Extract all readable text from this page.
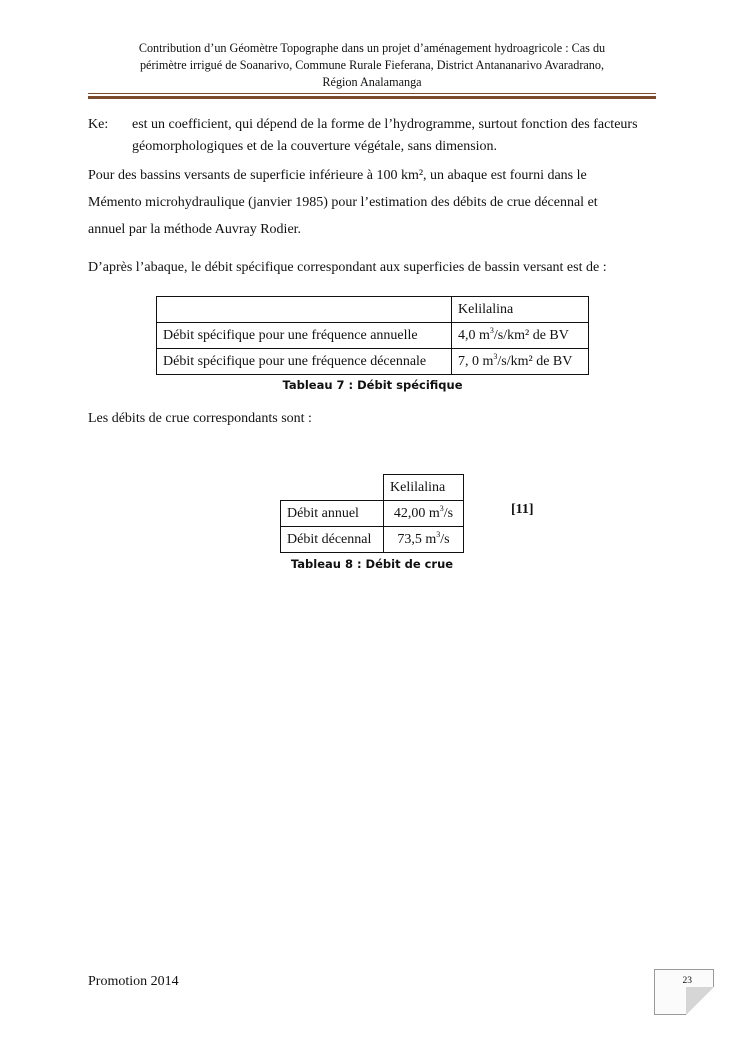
Contribution d’un Géomètre Topographe dans un projet d’aménagement hydroagricole : Cas du
périmètre irrigué de Soanarivo, Commune Rurale Fieferana, District Antananarivo Avaradrano,
Région Analamanga
Ke: est un coefficient, qui dépend de la forme de l’hydrogramme, surtout fonction des facteurs géomorphologiques et de la couverture végétale, sans dimension.
Pour des bassins versants de superficie inférieure à 100 km², un abaque est fourni dans le
Mémento microhydraulique (janvier 1985) pour l’estimation des débits de crue décennal et
annuel par la méthode Auvray Rodier.
D’après l’abaque, le débit spécifique correspondant aux superficies de bassin versant est de :
	Kelilalina
Débit spécifique pour une fréquence annuelle	4,0 $m^3/s$/km² de BV
Débit spécifique pour une fréquence décennale	7, 0 $m^3/s$/km² de BV
Tableau 7 : Débit spécifique
Les débits de crue correspondants sont :
	Kelilalina
Débit annuel	42,00 $m^3/s$
Débit décennal	73,5 $m^3/s$
[11]
Tableau 8 : Débit de crue
Promotion 2014	23
